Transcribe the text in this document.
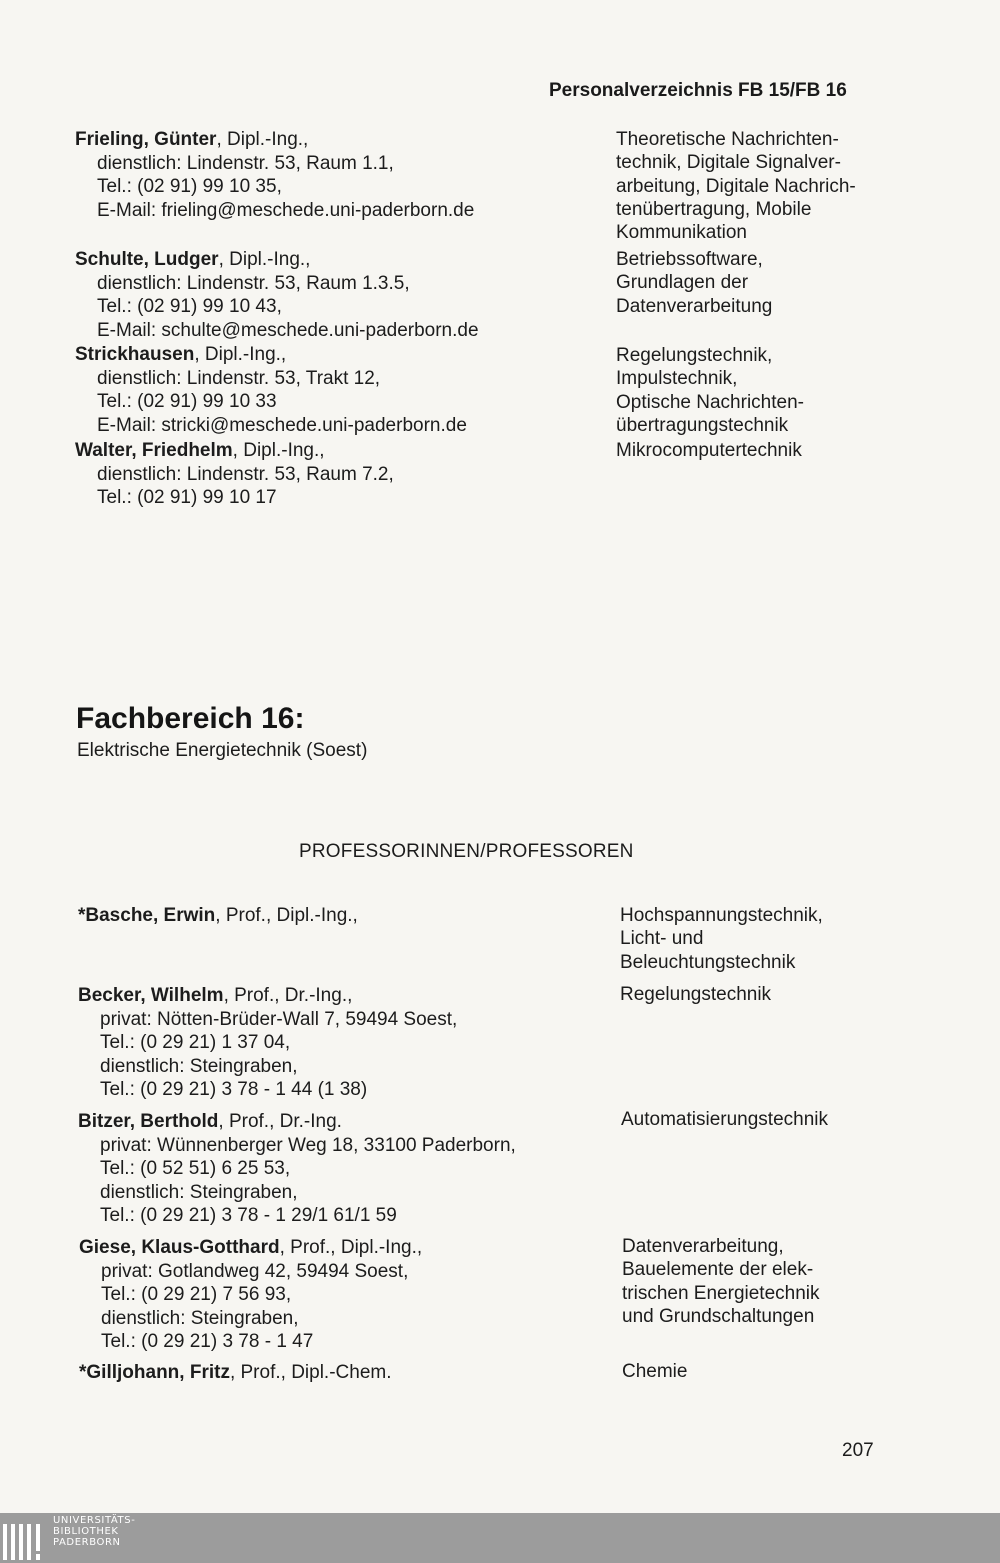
Personalverzeichnis FB 15/FB 16
Frieling, Günter, Dipl.-Ing.,
dienstlich: Lindenstr. 53, Raum 1.1,
Tel.: (02 91) 99 10 35,
E-Mail: frieling@meschede.uni-paderborn.de
Theoretische Nachrichten-
technik, Digitale Signalver-
arbeitung, Digitale Nachrich-
tenübertragung, Mobile
Kommunikation
Schulte, Ludger, Dipl.-Ing.,
dienstlich: Lindenstr. 53, Raum 1.3.5,
Tel.: (02 91) 99 10 43,
E-Mail: schulte@meschede.uni-paderborn.de
Betriebssoftware,
Grundlagen der
Datenverarbeitung
Strickhausen, Dipl.-Ing.,
dienstlich: Lindenstr. 53, Trakt 12,
Tel.: (02 91) 99 10 33
E-Mail: stricki@meschede.uni-paderborn.de
Regelungstechnik,
Impulstechnik,
Optische Nachrichten-
übertragungstechnik
Walter, Friedhelm, Dipl.-Ing.,
dienstlich: Lindenstr. 53, Raum 7.2,
Tel.: (02 91) 99 10 17
Mikrocomputertechnik
Fachbereich 16:
Elektrische Energietechnik (Soest)
PROFESSORINNEN/PROFESSOREN
*Basche, Erwin, Prof., Dipl.-Ing.,	Hochspannungstechnik,
Licht- und
Beleuchtungstechnik
Becker, Wilhelm, Prof., Dr.-Ing.,
privat: Nötten-Brüder-Wall 7, 59494 Soest,
Tel.: (0 29 21) 1 37 04,
dienstlich: Steingraben,
Tel.: (0 29 21) 3 78 - 1 44 (1 38)
Regelungstechnik
Bitzer, Berthold, Prof., Dr.-Ing.
privat: Wünnenberger Weg 18, 33100 Paderborn,
Tel.: (0 52 51) 6 25 53,
dienstlich: Steingraben,
Tel.: (0 29 21) 3 78 - 1 29/1 61/1 59
Automatisierungstechnik
Giese, Klaus-Gotthard, Prof., Dipl.-Ing.,
privat: Gotlandweg 42, 59494 Soest,
Tel.: (0 29 21) 7 56 93,
dienstlich: Steingraben,
Tel.: (0 29 21) 3 78 - 1 47
Datenverarbeitung,
Bauelemente der elek-
trischen Energietechnik
und Grundschaltungen
*Gilljohann, Fritz, Prof., Dipl.-Chem.	Chemie
207
UNIVERSITÄTS-
BIBLIOTHEK
PADERBORN
